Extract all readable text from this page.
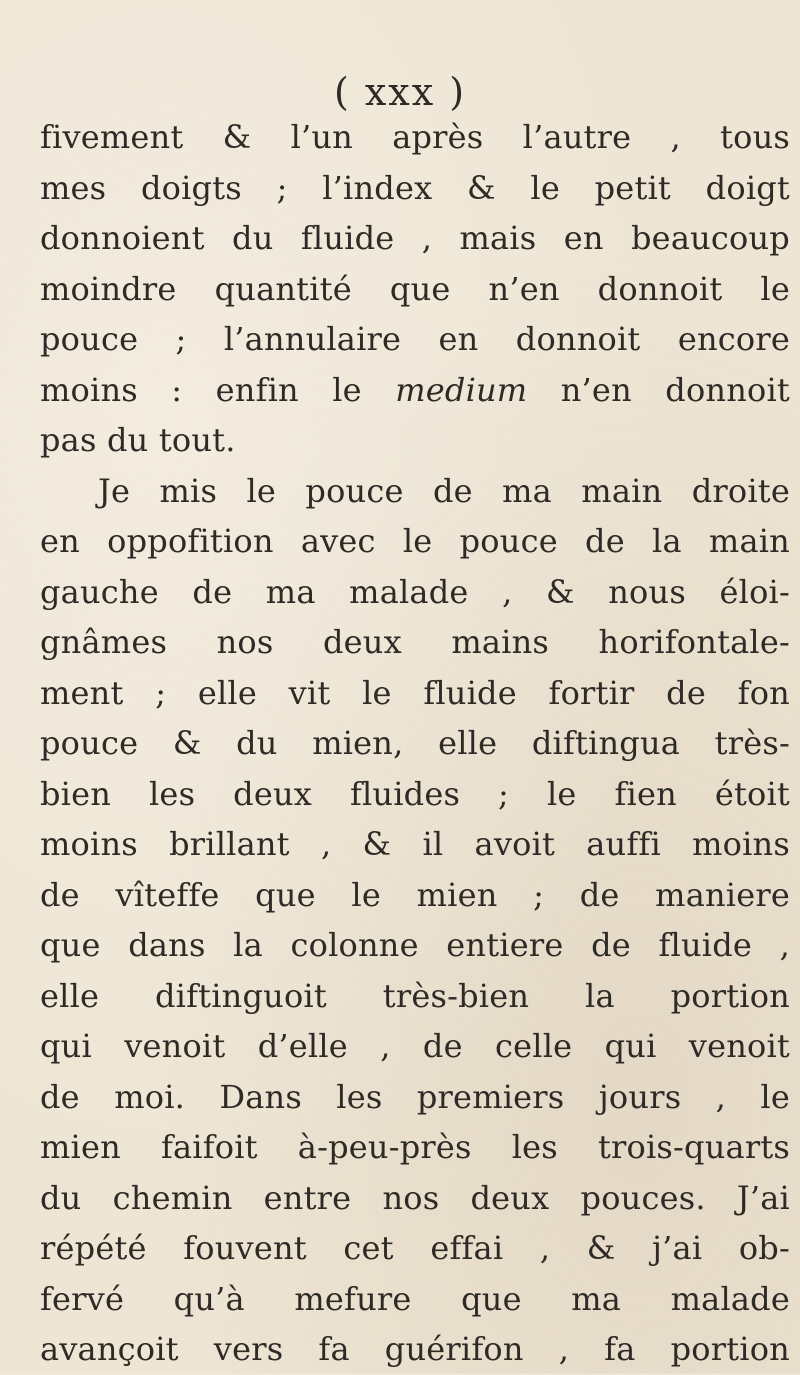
( xxx )
fivement & l’un après l’autre , tous
mes doigts ; l’index & le petit doigt
donnoient du fluide , mais en beaucoup
moindre quantité que n’en donnoit le
pouce ; l’annulaire en donnoit encore
moins : enfin le medium n’en donnoit
pas du tout.
Je mis le pouce de ma main droite
en oppofition avec le pouce de la main
gauche de ma malade , & nous éloi-
gnâmes nos deux mains horifontale-
ment ; elle vit le fluide fortir de fon
pouce & du mien, elle diftingua très-
bien les deux fluides ; le fien étoit
moins brillant , & il avoit auffi moins
de vîteffe que le mien ; de maniere
que dans la colonne entiere de fluide ,
elle diftinguoit très-bien la portion
qui venoit d’elle , de celle qui venoit
de moi. Dans les premiers jours , le
mien faifoit à-peu-près les trois-quarts
du chemin entre nos deux pouces. J’ai
répété fouvent cet effai , & j’ai ob-
fervé qu’à mefure que ma malade
avançoit vers fa guérifon , fa portion
